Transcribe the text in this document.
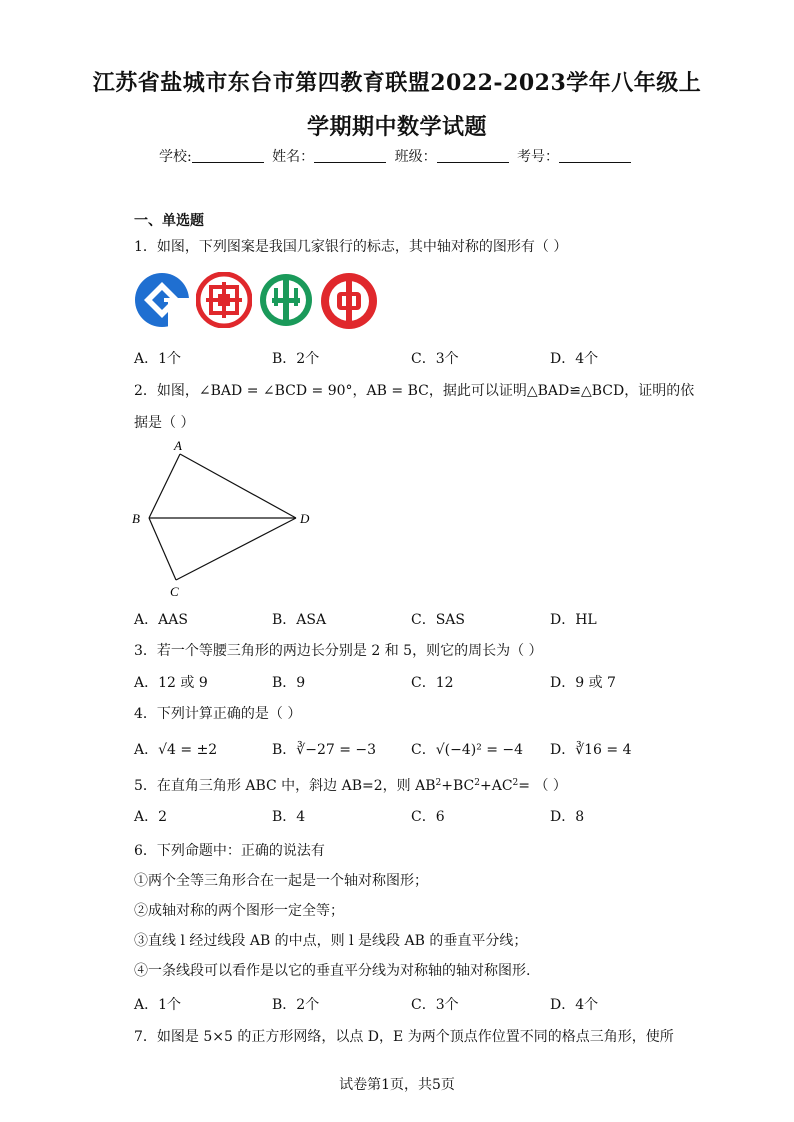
江苏省盐城市东台市第四教育联盟2022-2023学年八年级上
学期期中数学试题
学校:	姓名：	班级：	考号：
一、单选题
1．如图，下列图案是我国几家银行的标志，其中轴对称的图形有（ ）
A．1个	B．2个	C．3个	D．4个
2．如图，∠BAD = ∠BCD = 90°，AB = BC，据此可以证明△BAD≌△BCD，证明的依
据是（ ）
A
B
C
D
A．AAS	B．ASA	C．SAS	D．HL
3．若一个等腰三角形的两边长分别是 2 和 5，则它的周长为（ ）
A．12 或 9	B．9	C．12	D．9 或 7
4．下列计算正确的是（ ）
A．√4 = ±2	B．∛−27 = −3 C．√(−4)² = −4 D．∛16 = 4
5．在直角三角形 ABC 中，斜边 AB=2，则 $AB^2+BC^2+AC^2=$ （ ）
A．2	B．4	C．6	D．8
6．下列命题中：正确的说法有
①两个全等三角形合在一起是一个轴对称图形；
②成轴对称的两个图形一定全等；
③直线 l 经过线段 AB 的中点，则 l 是线段 AB 的垂直平分线；
④一条线段可以看作是以它的垂直平分线为对称轴的轴对称图形.
A．1个	B．2个	C．3个	D．4个
7．如图是 5×5 的正方形网络，以点 D，E 为两个顶点作位置不同的格点三角形，使所
试卷第1页，共5页
